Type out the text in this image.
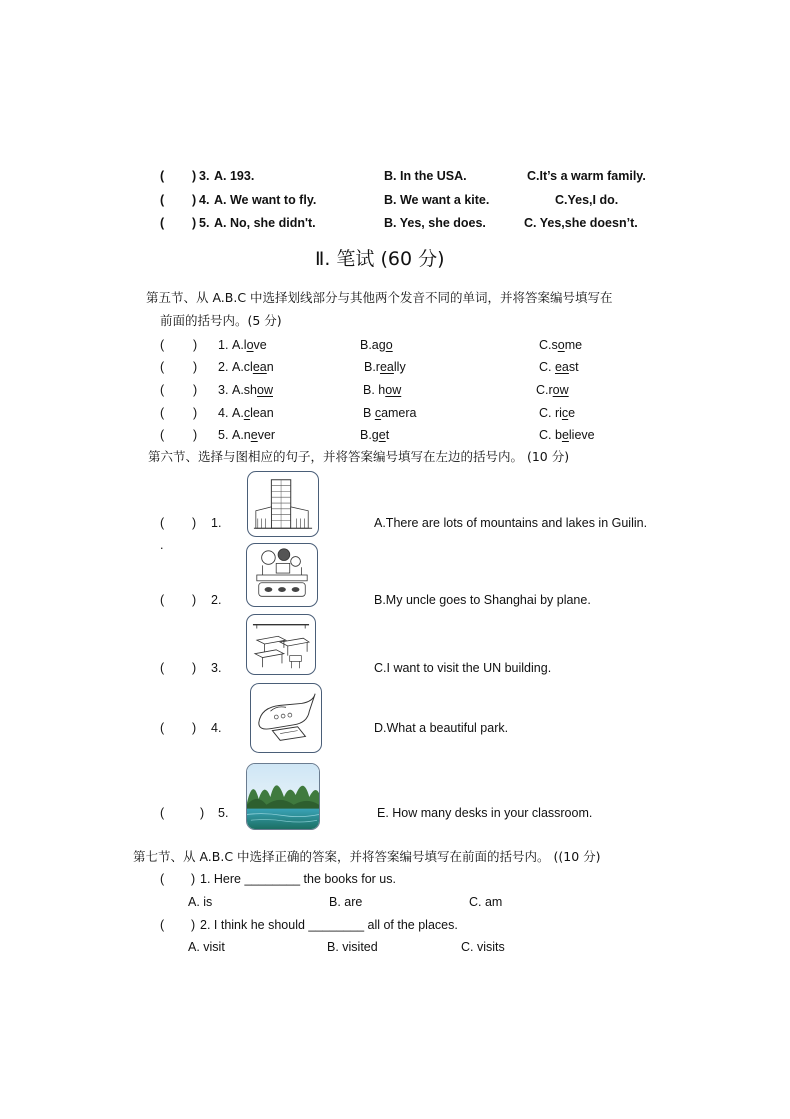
( ) 3. A. 193.	B. In the USA.	C.It’s a warm family.
( ) 4. A. We want to fly.	B. We want a kite.	C.Yes,I do.
( ) 5. A. No, she didn't.	B. Yes, she does.	C. Yes,she doesn’t.
Ⅱ. 笔试 (60 分)
第五节、从 A.B.C 中选择划线部分与其他两个发音不同的单词，并将答案编号填写在
前面的括号内。(5 分)
( ) 1. A.love	B.ago	C.some
( ) 2. A.clean	B.really	C. east
( ) 3. A.show	B. how	C.row
( ) 4. A.clean	B camera	C. rice
( ) 5. A.never	B.get	C. believe
第六节、选择与图相应的句子，并将答案编号填写在左边的括号内。 (10 分)
.
( ) 1.	A.There are lots of mountains and lakes in Guilin.
( ) 2.	B.My uncle goes to Shanghai by plane.
( ) 3.	C.I want to visit the UN building.
( ) 4.	D.What a beautiful park.
(	) 5.	E. How many desks in your classroom.
第七节、从 A.B.C 中选择正确的答案，并将答案编号填写在前面的括号内。 ((10 分)
( ) 1. Here ________ the books for us.
A. is	B. are	C. am
( ) 2. I think he should ________ all of the places.
A. visit	B. visited	C. visits
